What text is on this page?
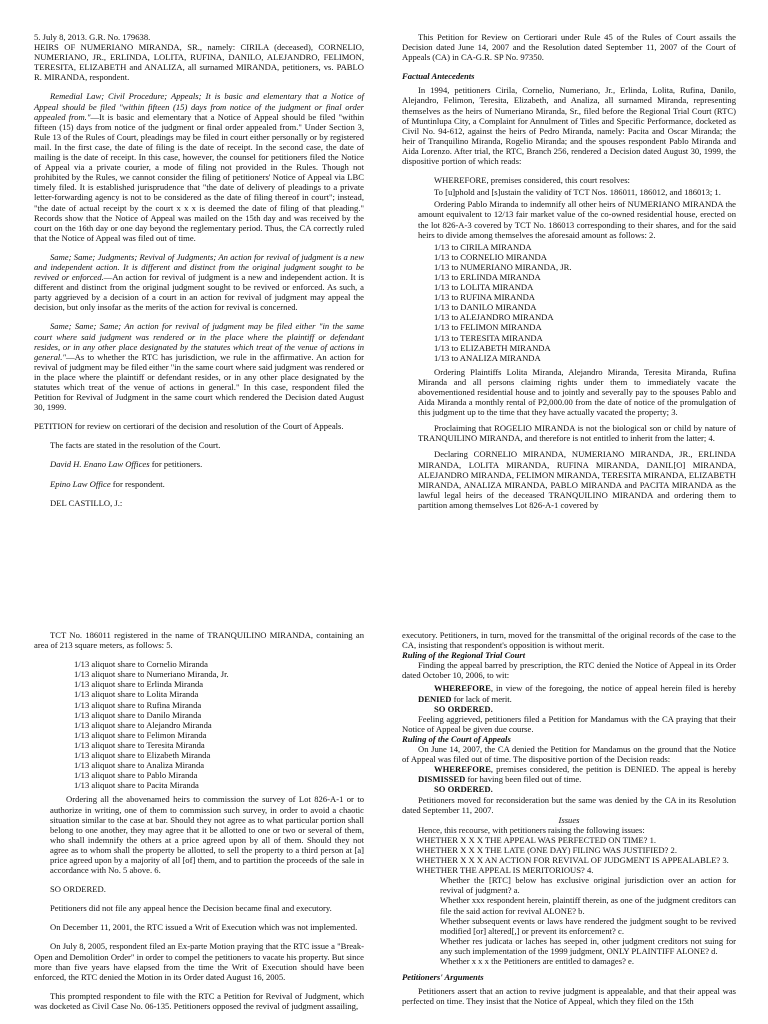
5. July 8, 2013. G.R. No. 179638.

HEIRS OF NUMERIANO MIRANDA, SR., namely: CIRILA (deceased), CORNELIO, NUMERIANO, JR., ERLINDA, LOLITA, RUFINA, DANILO, ALEJANDRO, FELIMON, TERESITA, ELIZABETH and ANALIZA, all surnamed MIRANDA, petitioners, vs. PABLO R. MIRANDA, respondent.

Remedial Law; Civil Procedure; Appeals; It is basic and elementary that a Notice of Appeal should be filed "within fifteen (15) days from notice of the judgment or final order appealed from."—It is basic and elementary that a Notice of Appeal should be filed "within fifteen (15) days from notice of the judgment or final order appealed from." Under Section 3, Rule 13 of the Rules of Court, pleadings may be filed in court either personally or by registered mail. In the first case, the date of filing is the date of receipt. In the second case, the date of mailing is the date of receipt. In this case, however, the counsel for petitioners filed the Notice of Appeal via a private courier, a mode of filing not provided in the Rules. Though not prohibited by the Rules, we cannot consider the filing of petitioners' Notice of Appeal via LBC timely filed. It is established jurisprudence that "the date of delivery of pleadings to a private letter-forwarding agency is not to be considered as the date of filing thereof in court"; instead, "the date of actual receipt by the court x x x is deemed the date of filing of that pleading." Records show that the Notice of Appeal was mailed on the 15th day and was received by the court on the 16th day or one day beyond the reglementary period. Thus, the CA correctly ruled that the Notice of Appeal was filed out of time.

Same; Same; Judgments; Revival of Judgments; An action for revival of judgment is a new and independent action. It is different and distinct from the original judgment sought to be revived or enforced.—An action for revival of judgment is a new and independent action. It is different and distinct from the original judgment sought to be revived or enforced. As such, a party aggrieved by a decision of a court in an action for revival of judgment may appeal the decision, but only insofar as the merits of the action for revival is concerned.

Same; Same; Same; An action for revival of judgment may be filed either "in the same court where said judgment was rendered or in the place where the plaintiff or defendant resides, or in any other place designated by the statutes which treat of the venue of actions in general."—As to whether the RTC has jurisdiction, we rule in the affirmative. An action for revival of judgment may be filed either "in the same court where said judgment was rendered or in the place where the plaintiff or defendant resides, or in any other place designated by the statutes which treat of the venue of actions in general." In this case, respondent filed the Petition for Revival of Judgment in the same court which rendered the Decision dated August 30, 1999.

PETITION for review on certiorari of the decision and resolution of the Court of Appeals.

The facts are stated in the resolution of the Court.

David H. Enano Law Offices for petitioners.

Epino Law Office for respondent.

DEL CASTILLO, J.:

This Petition for Review on Certiorari under Rule 45 of the Rules of Court assails the Decision dated June 14, 2007 and the Resolution dated September 11, 2007 of the Court of Appeals (CA) in CA-G.R. SP No. 97350.

Factual Antecedents

In 1994, petitioners Cirila, Cornelio, Numeriano, Jr., Erlinda, Lolita, Rufina, Danilo, Alejandro, Felimon, Teresita, Elizabeth, and Analiza, all surnamed Miranda, representing themselves as the heirs of Numeriano Miranda, Sr., filed before the Regional Trial Court (RTC) of Muntinlupa City, a Complaint for Annulment of Titles and Specific Performance, docketed as Civil No. 94-612, against the heirs of Pedro Miranda, namely: Pacita and Oscar Miranda; the heir of Tranquilino Miranda, Rogelio Miranda; and the spouses respondent Pablo Miranda and Aida Lorenzo. After trial, the RTC, Branch 256, rendered a Decision dated August 30, 1999, the dispositive portion of which reads:

WHEREFORE, premises considered, this court resolves:

To [u]phold and [s]ustain the validity of TCT Nos. 186011, 186012, and 186013; 1.

Ordering Pablo Miranda to indemnify all other heirs of NUMERIANO MIRANDA the amount equivalent to 12/13 fair market value of the co-owned residential house, erected on the lot 826-A-3 covered by TCT No. 186013 corresponding to their shares, and for the said heirs to divide among themselves the aforesaid amount as follows: 2.

1/13 to CIRILA MIRANDA
1/13 to CORNELIO MIRANDA
1/13 to NUMERIANO MIRANDA, JR.
1/13 to ERLINDA MIRANDA
1/13 to LOLITA MIRANDA
1/13 to RUFINA MIRANDA
1/13 to DANILO MIRANDA
1/13 to ALEJANDRO MIRANDA
1/13 to FELIMON MIRANDA
1/13 to TERESITA MIRANDA
1/13 to ELIZABETH MIRANDA
1/13 to ANALIZA MIRANDA

Ordering Plaintiffs Lolita Miranda, Alejandro Miranda, Teresita Miranda, Rufina Miranda and all persons claiming rights under them to immediately vacate the abovementioned residential house and to jointly and severally pay to the spouses Pablo and Aida Miranda a monthly rental of P2,000.00 from the date of notice of the promulgation of this judgment up to the time that they have actually vacated the property; 3.

Proclaiming that ROGELIO MIRANDA is not the biological son or child by nature of TRANQUILINO MIRANDA, and therefore is not entitled to inherit from the latter; 4.

Declaring CORNELIO MIRANDA, NUMERIANO MIRANDA, JR., ERLINDA MIRANDA, LOLITA MIRANDA, RUFINA MIRANDA, DANIL[O] MIRANDA, ALEJANDRO MIRANDA, FELIMON MIRANDA, TERESITA MIRANDA, ELIZABETH MIRANDA, ANALIZA MIRANDA, PABLO MIRANDA and PACITA MIRANDA as the lawful legal heirs of the deceased TRANQUILINO MIRANDA and ordering them to partition among themselves Lot 826-A-1 covered by

TCT No. 186011 registered in the name of TRANQUILINO MIRANDA, containing an area of 213 square meters, as follows: 5.

1/13 aliquot share to Cornelio Miranda
1/13 aliquot share to Numeriano Miranda, Jr.
1/13 aliquot share to Erlinda Miranda
1/13 aliquot share to Lolita Miranda
1/13 aliquot share to Rufina Miranda
1/13 aliquot share to Danilo Miranda
1/13 aliquot share to Alejandro Miranda
1/13 aliquot share to Felimon Miranda
1/13 aliquot share to Teresita Miranda
1/13 aliquot share to Elizabeth Miranda
1/13 aliquot share to Analiza Miranda
1/13 aliquot share to Pablo Miranda
1/13 aliquot share to Pacita Miranda

Ordering all the abovenamed heirs to commission the survey of Lot 826-A-1 or to authorize in writing, one of them to commission such survey, in order to avoid a chaotic situation similar to the case at bar. Should they not agree as to what particular portion shall belong to one another, they may agree that it be allotted to one or two or several of them, who shall indemnify the others at a price agreed upon by all of them. Should they not agree as to whom shall the property be allotted, to sell the property to a third person at [a] price agreed upon by a majority of all [of] them, and to partition the proceeds of the sale in accordance with No. 5 above. 6.

SO ORDERED.

Petitioners did not file any appeal hence the Decision became final and executory.

On December 11, 2001, the RTC issued a Writ of Execution which was not implemented.

On July 8, 2005, respondent filed an Ex-parte Motion praying that the RTC issue a "Break-Open and Demolition Order" in order to compel the petitioners to vacate his property. But since more than five years have elapsed from the time the Writ of Execution should have been enforced, the RTC denied the Motion in its Order dated August 16, 2005.

This prompted respondent to file with the RTC a Petition for Revival of Judgment, which was docketed as Civil Case No. 06-135. Petitioners opposed the revival of judgment assailing,

executory. Petitioners, in turn, moved for the transmittal of the original records of the case to the CA, insisting that respondent's opposition is without merit.

Ruling of the Regional Trial Court

Finding the appeal barred by prescription, the RTC denied the Notice of Appeal in its Order dated October 10, 2006, to wit:

WHEREFORE, in view of the foregoing, the notice of appeal herein filed is hereby DENIED for lack of merit.

SO ORDERED.

Feeling aggrieved, petitioners filed a Petition for Mandamus with the CA praying that their Notice of Appeal be given due course.

Ruling of the Court of Appeals

On June 14, 2007, the CA denied the Petition for Mandamus on the ground that the Notice of Appeal was filed out of time. The dispositive portion of the Decision reads:

WHEREFORE, premises considered, the petition is DENIED. The appeal is hereby DISMISSED for having been filed out of time.

SO ORDERED.

Petitioners moved for reconsideration but the same was denied by the CA in its Resolution dated September 11, 2007.

Issues
Hence, this recourse, with petitioners raising the following issues:
WHETHER X X X THE APPEAL WAS PERFECTED ON TIME? 1.
WHETHER X X X THE LATE (ONE DAY) FILING WAS JUSTIFIED? 2.
WHETHER X X X AN ACTION FOR REVIVAL OF JUDGMENT IS APPEALABLE? 3.
WHETHER THE APPEAL IS MERITORIOUS? 4.
Whether the [RTC] below has exclusive original jurisdiction over an action for revival of judgment? a.
Whether xxx respondent herein, plaintiff therein, as one of the judgment creditors can file the said action for revival ALONE? b.
Whether subsequent events or laws have rendered the judgment sought to be revived modified [or] altered[,] or prevent its enforcement? c.
Whether res judicata or laches has seeped in, other judgment creditors not suing for any such implementation of the 1999 judgment, ONLY PLAINTIFF ALONE? d.
Whether x x x the Petitioners are entitled to damages? e.
Petitioners' Arguments

Petitioners assert that an action to revive judgment is appealable, and that their appeal was perfected on time. They insist that the Notice of Appeal, which they filed on the 15th
